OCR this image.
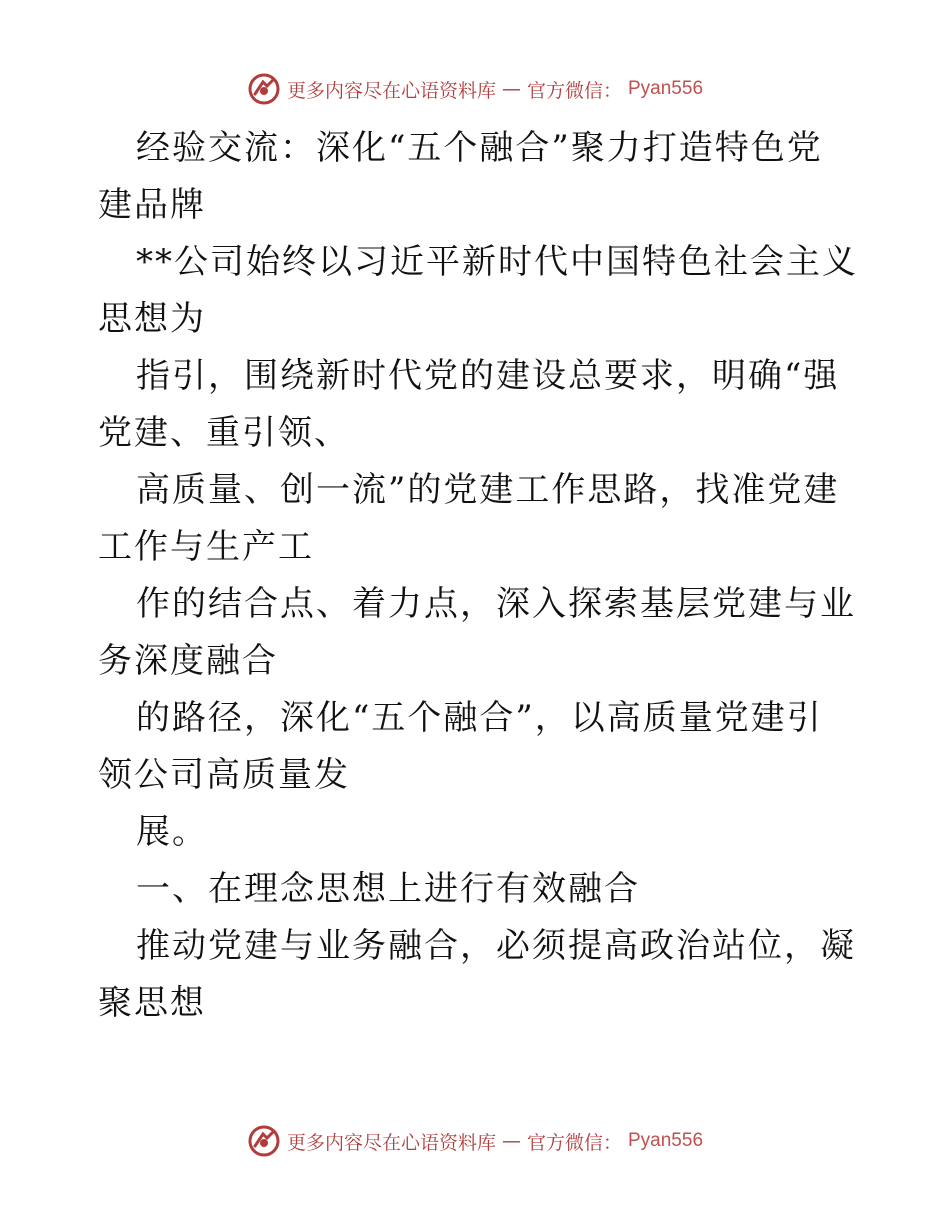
更多内容尽在心语资料库 — 官方微信： Pyan556

经验交流：深化“五个融合”聚力打造特色党建品牌

**公司始终以习近平新时代中国特色社会主义思想为

指引，围绕新时代党的建设总要求，明确“强党建、重引领、

高质量、创一流”的党建工作思路，找准党建工作与生产工

作的结合点、着力点，深入探索基层党建与业务深度融合

的路径，深化“五个融合”，以高质量党建引领公司高质量发

展。

一、在理念思想上进行有效融合

推动党建与业务融合，必须提高政治站位，凝聚思想

更多内容尽在心语资料库 — 官方微信： Pyan556
